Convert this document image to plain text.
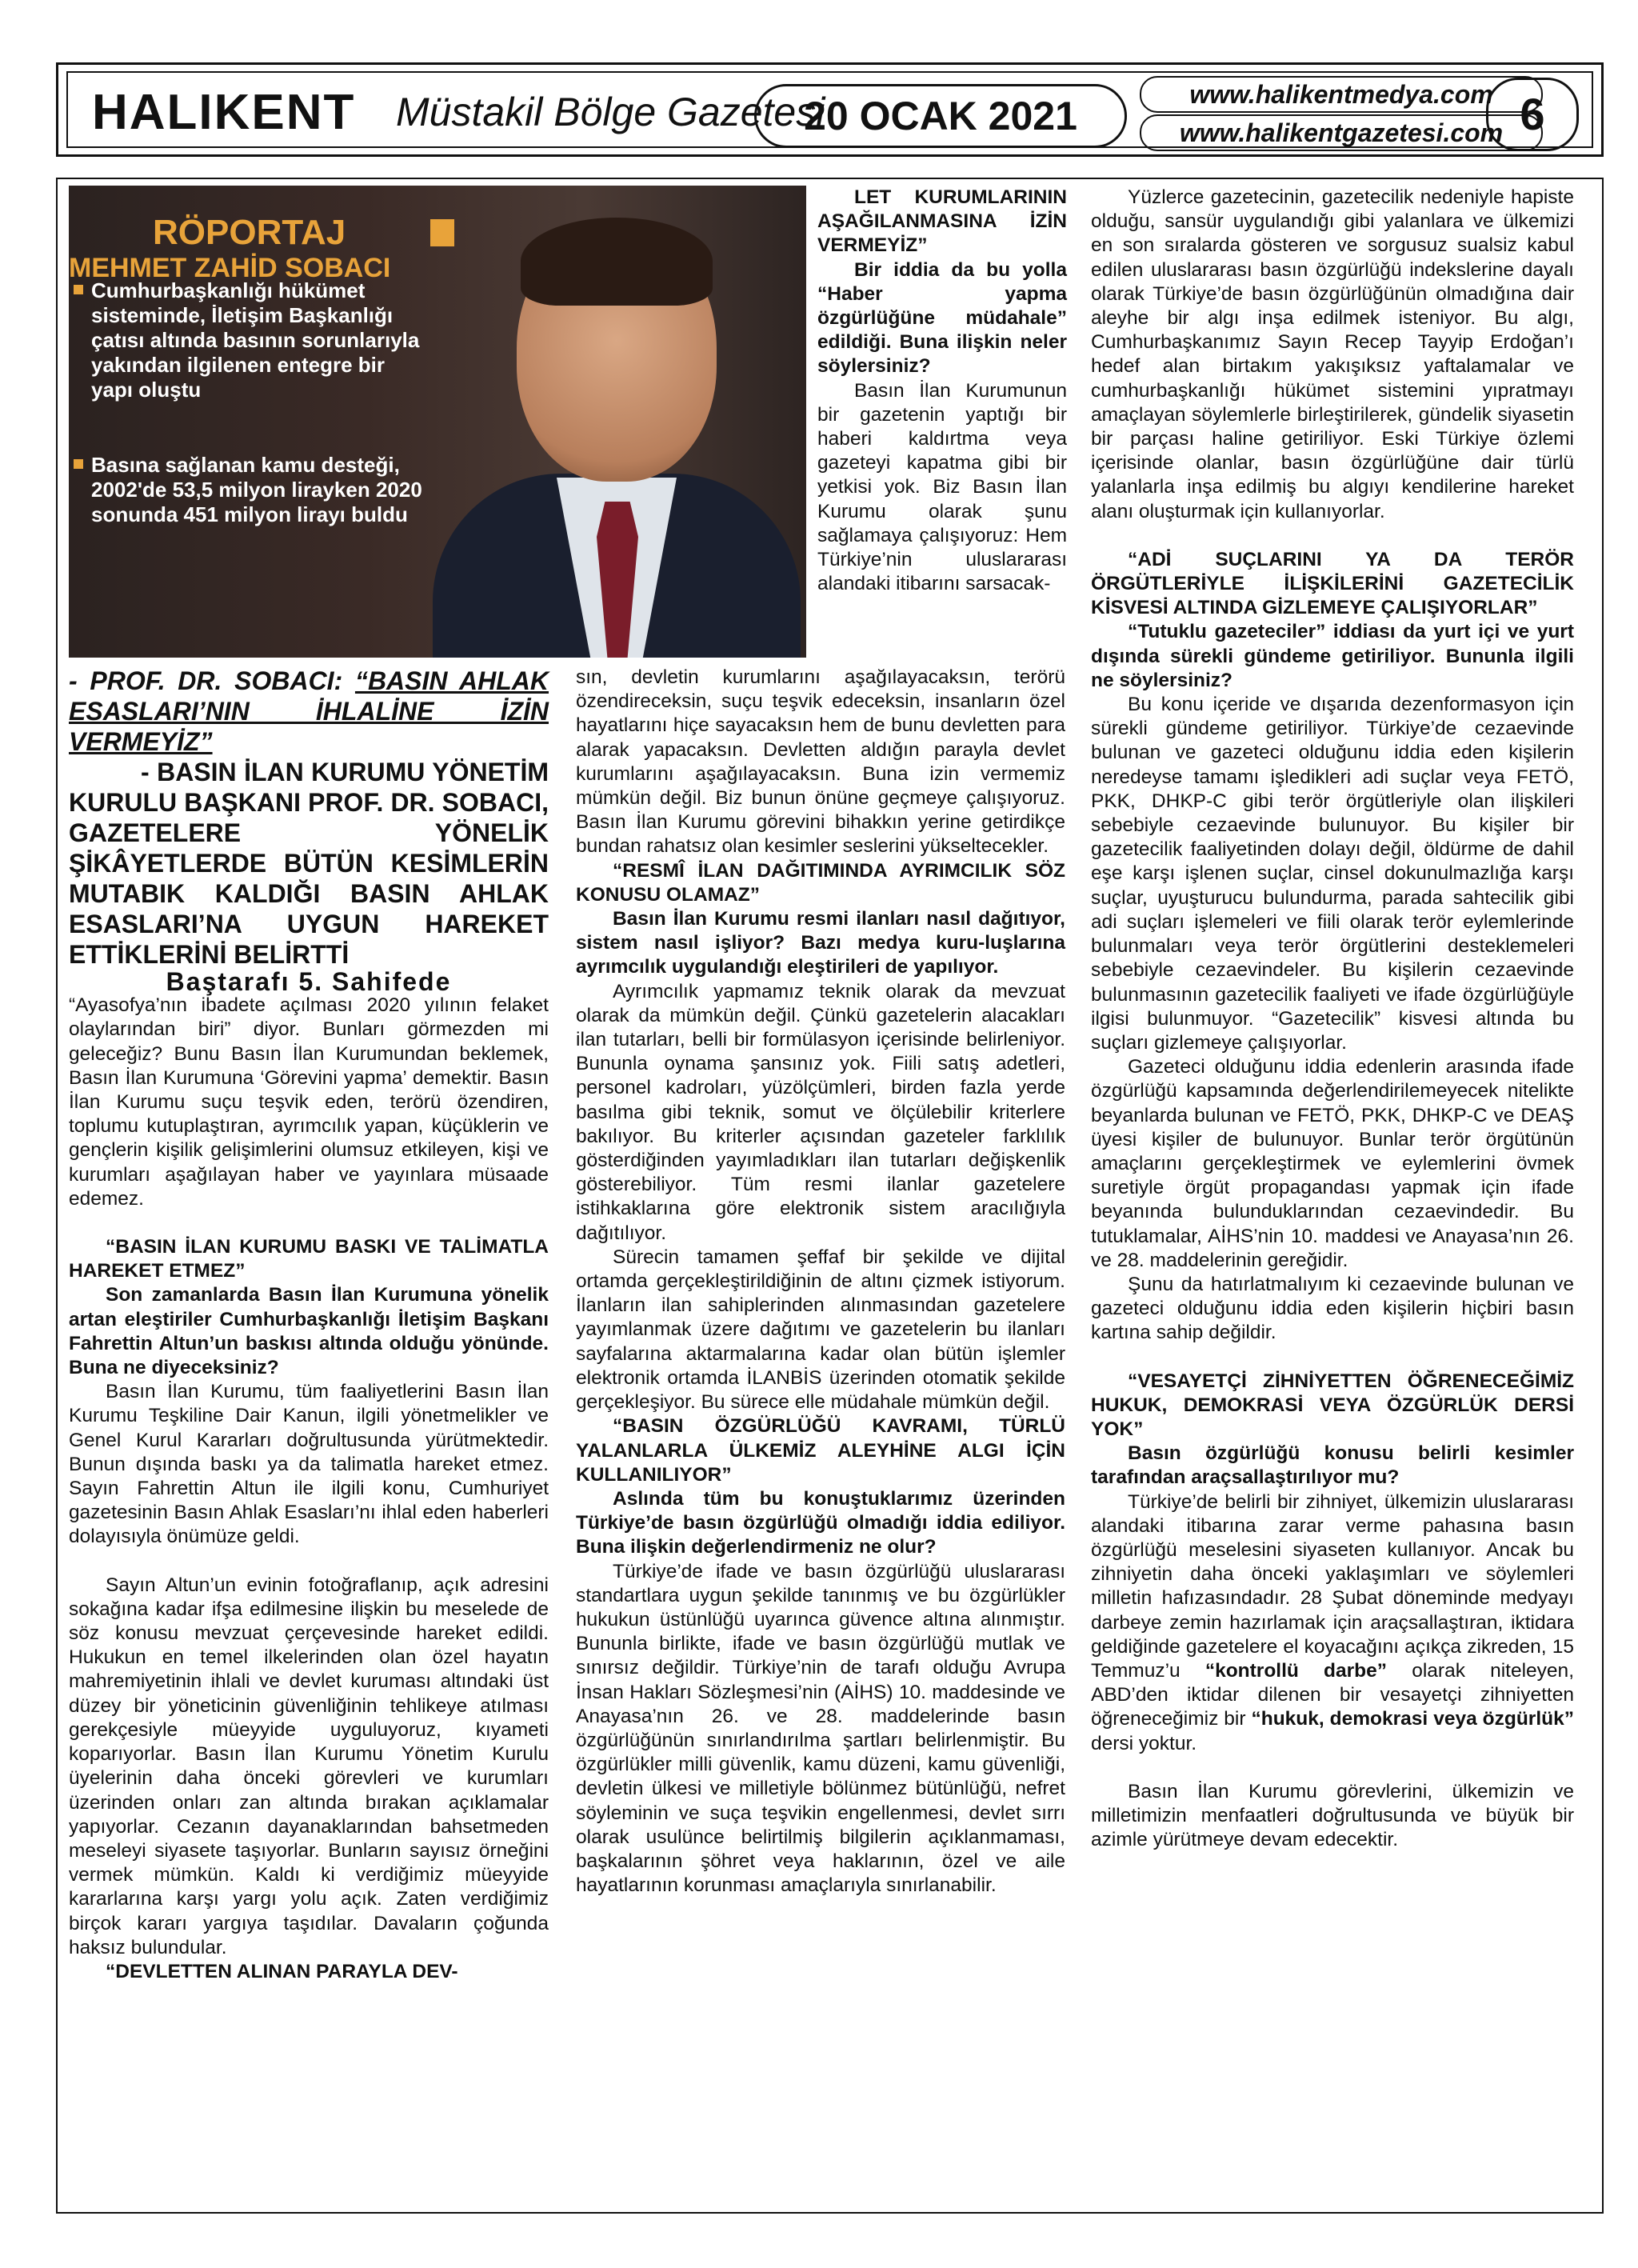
HALIKENT Müstakil Bölge Gazetesi
20 OCAK 2021	www.halikentmedya.com
www.halikentgazetesi.com 6
RÖPORTAJ
MEHMET ZAHİD SOBACI
Cumhurbaşkanlığı hükümet sisteminde, İletişim Başkanlığı çatısı altında basının sorunlarıyla yakından ilgilenen entegre bir yapı oluştu
Basına sağlanan kamu desteği, 2002'de 53,5 milyon lirayken 2020 sonunda 451 milyon lirayı buldu

- PROF. DR. SOBACI: “BASIN AHLAK ESASLARI’NIN İHLALİNE İZİN VERMEYİZ”

- BASIN İLAN KURUMU YÖNETİM KURULU BAŞKANI PROF. DR. SOBACI, GAZETELERE YÖNELİK ŞİKÂYETLERDE BÜTÜN KESİMLERİN MUTABIK KALDIĞI BASIN AHLAK ESASLARI’NA UYGUN HAREKET ETTİKLERİNİ BELİRTTİ

Baştarafı 5. Sahifede

“Ayasofya’nın ibadete açılması 2020 yılının felaket olaylarından biri” diyor. Bunları görmezden mi geleceğiz? Bunu Basın İlan Kurumundan beklemek, Basın İlan Kurumuna ‘Görevini yapma’ demektir. Basın İlan Kurumu suçu teşvik eden, terörü özendiren, toplumu kutuplaştıran, ayrımcılık yapan, küçüklerin ve gençlerin kişilik gelişimlerini olumsuz etkileyen, kişi ve kurumları aşağılayan haber ve yayınlara müsaade edemez.

“BASIN İLAN KURUMU BASKI VE TALİMATLA HAREKET ETMEZ”

Son zamanlarda Basın İlan Kurumuna yönelik artan eleştiriler Cumhurbaşkanlığı İletişim Başkanı Fahrettin Altun’un baskısı altında olduğu yönünde. Buna ne diyeceksiniz?

Basın İlan Kurumu, tüm faaliyetlerini Basın İlan Kurumu Teşkiline Dair Kanun, ilgili yönetmelikler ve Genel Kurul Kararları doğrultusunda yürütmektedir. Bunun dışında baskı ya da talimatla hareket etmez. Sayın Fahrettin Altun ile ilgili konu, Cumhuriyet gazetesinin Basın Ahlak Esasları’nı ihlal eden haberleri dolayısıyla önümüze geldi.

Sayın Altun’un evinin fotoğraflanıp, açık adresini sokağına kadar ifşa edilmesine ilişkin bu meselede de söz konusu mevzuat çerçevesinde hareket edildi. Hukukun en temel ilkelerinden olan özel hayatın mahremiyetinin ihlali ve devlet kuruması altındaki üst düzey bir yöneticinin güvenliğinin tehlikeye atılması gerekçesiyle müeyyide uyguluyoruz, kıyameti koparıyorlar. Basın İlan Kurumu Yönetim Kurulu üyelerinin daha önceki görevleri ve kurumları üzerinden onları zan altında bırakan açıklamalar yapıyorlar. Cezanın dayanaklarından bahsetmeden meseleyi siyasete taşıyorlar. Bunların sayısız örneğini vermek mümkün. Kaldı ki verdiğimiz müeyyide kararlarına karşı yargı yolu açık. Zaten verdiğimiz birçok kararı yargıya taşıdılar. Davaların çoğunda haksız bulundular.

“DEVLETTEN ALINAN PARAYLA DEV-

LET KURUMLARININ AŞAĞILANMASINA İZİN VERMEYİZ”

Bir iddia da bu yolla “Haber yapma özgürlüğüne müdahale” edildiği. Buna ilişkin neler söylersiniz?

Basın İlan Kurumunun bir gazetenin yaptığı bir haberi kaldırtma veya gazeteyi kapatma gibi bir yetkisi yok. Biz Basın İlan Kurumu olarak şunu sağlamaya çalışıyoruz: Hem Türkiye’nin uluslararası alandaki itibarını sarsacak-

sın, devletin kurumlarını aşağılayacaksın, terörü özendireceksin, suçu teşvik edeceksin, insanların özel hayatlarını hiçe sayacaksın hem de bunu devletten para alarak yapacaksın. Devletten aldığın parayla devlet kurumlarını aşağılayacaksın. Buna izin vermemiz mümkün değil. Biz bunun önüne geçmeye çalışıyoruz. Basın İlan Kurumu görevini bihakkın yerine getirdikçe bundan rahatsız olan kesimler seslerini yükseltecekler.

“RESMÎ İLAN DAĞITIMINDA AYRIMCILIK SÖZ KONUSU OLAMAZ”

Basın İlan Kurumu resmi ilanları nasıl dağıtıyor, sistem nasıl işliyor? Bazı medya kuru-luşlarına ayrımcılık uygulandığı eleştirileri de yapılıyor.

Ayrımcılık yapmamız teknik olarak da mevzuat olarak da mümkün değil. Çünkü gazetelerin alacakları ilan tutarları, belli bir formülasyon içerisinde belirleniyor. Bununla oynama şansınız yok. Fiili satış adetleri, personel kadroları, yüzölçümleri, birden fazla yerde basılma gibi teknik, somut ve ölçülebilir kriterlere bakılıyor. Bu kriterler açısından gazeteler farklılık gösterdiğinden yayımladıkları ilan tutarları değişkenlik gösterebiliyor. Tüm resmi ilanlar gazetelere istihkaklarına göre elektronik sistem aracılığıyla dağıtılıyor.

Sürecin tamamen şeffaf bir şekilde ve dijital ortamda gerçekleştirildiğinin de altını çizmek istiyorum. İlanların ilan sahiplerinden alınmasından gazetelere yayımlanmak üzere dağıtımı ve gazetelerin bu ilanları sayfalarına aktarmalarına kadar olan bütün işlemler elektronik ortamda İLANBİS üzerinden otomatik şekilde gerçekleşiyor. Bu sürece elle müdahale mümkün değil.

“BASIN ÖZGÜRLÜĞÜ KAVRAMI, TÜRLÜ YALANLARLA ÜLKEMİZ ALEYHİNE ALGI İÇİN KULLANILIYOR”

Aslında tüm bu konuştuklarımız üzerinden Türkiye’de basın özgürlüğü olmadığı iddia ediliyor. Buna ilişkin değerlendirmeniz ne olur?

Türkiye’de ifade ve basın özgürlüğü uluslararası standartlara uygun şekilde tanınmış ve bu özgürlükler hukukun üstünlüğü uyarınca güvence altına alınmıştır. Bununla birlikte, ifade ve basın özgürlüğü mutlak ve sınırsız değildir. Türkiye’nin de tarafı olduğu Avrupa İnsan Hakları Sözleşmesi’nin (AİHS) 10. maddesinde ve Anayasa’nın 26. ve 28. maddelerinde basın özgürlüğünün sınırlandırılma şartları belirlenmiştir. Bu özgürlükler milli güvenlik, kamu düzeni, kamu güvenliği, devletin ülkesi ve milletiyle bölünmez bütünlüğü, nefret söyleminin ve suça teşvikin engellenmesi, devlet sırrı olarak usulünce belirtilmiş bilgilerin açıklanmaması, başkalarının şöhret veya haklarının, özel ve aile hayatlarının korunması amaçlarıyla sınırlanabilir.

Yüzlerce gazetecinin, gazetecilik nedeniyle hapiste olduğu, sansür uygulandığı gibi yalanlara ve ülkemizi en son sıralarda gösteren ve sorgusuz sualsiz kabul edilen uluslararası basın özgürlüğü indekslerine dayalı olarak Türkiye’de basın özgürlüğünün olmadığına dair aleyhe bir algı inşa edilmek isteniyor. Bu algı, Cumhurbaşkanımız Sayın Recep Tayyip Erdoğan’ı hedef alan birtakım yakışıksız yaftalamalar ve cumhurbaşkanlığı hükümet sistemini yıpratmayı amaçlayan söylemlerle birleştirilerek, gündelik siyasetin bir parçası haline getiriliyor. Eski Türkiye özlemi içerisinde olanlar, basın özgürlüğüne dair türlü yalanlarla inşa edilmiş bu algıyı kendilerine hareket alanı oluşturmak için kullanıyorlar.

“ADİ SUÇLARINI YA DA TERÖR ÖRGÜTLERİYLE İLİŞKİLERİNİ GAZETECİLİK KİSVESİ ALTINDA GİZLEMEYE ÇALIŞIYORLAR”

“Tutuklu gazeteciler” iddiası da yurt içi ve yurt dışında sürekli gündeme getiriliyor. Bununla ilgili ne söylersiniz?

Bu konu içeride ve dışarıda dezenformasyon için sürekli gündeme getiriliyor. Türkiye’de cezaevinde bulunan ve gazeteci olduğunu iddia eden kişilerin neredeyse tamamı işledikleri adi suçlar veya FETÖ, PKK, DHKP-C gibi terör örgütleriyle olan ilişkileri sebebiyle cezaevinde bulunuyor. Bu kişiler bir gazetecilik faaliyetinden dolayı değil, öldürme de dahil eşe karşı işlenen suçlar, cinsel dokunulmazlığa karşı suçlar, uyuşturucu bulundurma, parada sahtecilik gibi adi suçları işlemeleri ve fiili olarak terör eylemlerinde bulunmaları veya terör örgütlerini desteklemeleri sebebiyle cezaevindeler. Bu kişilerin cezaevinde bulunmasının gazetecilik faaliyeti ve ifade özgürlüğüyle ilgisi bulunmuyor. “Gazetecilik” kisvesi altında bu suçları gizlemeye çalışıyorlar.

Gazeteci olduğunu iddia edenlerin arasında ifade özgürlüğü kapsamında değerlendirilemeyecek nitelikte beyanlarda bulunan ve FETÖ, PKK, DHKP-C ve DEAŞ üyesi kişiler de bulunuyor. Bunlar terör örgütünün amaçlarını gerçekleştirmek ve eylemlerini övmek suretiyle örgüt propagandası yapmak için ifade beyanında bulunduklarından cezaevindedir. Bu tutuklamalar, AİHS’nin 10. maddesi ve Anayasa’nın 26. ve 28. maddelerinin gereğidir.

Şunu da hatırlatmalıyım ki cezaevinde bulunan ve gazeteci olduğunu iddia eden kişilerin hiçbiri basın kartına sahip değildir.

“VESAYETÇİ ZİHNİYETTEN ÖĞRENECEĞİMİZ HUKUK, DEMOKRASİ VEYA ÖZGÜRLÜK DERSİ YOK”

Basın özgürlüğü konusu belirli kesimler tarafından araçsallaştırılıyor mu?

Türkiye’de belirli bir zihniyet, ülkemizin uluslararası alandaki itibarına zarar verme pahasına basın özgürlüğü meselesini siyaseten kullanıyor. Ancak bu zihniyetin daha önceki yaklaşımları ve söylemleri milletin hafızasındadır. 28 Şubat döneminde medyayı darbeye zemin hazırlamak için araçsallaştıran, iktidara geldiğinde gazetelere el koyacağını açıkça zikreden, 15 Temmuz’u “kontrollü darbe” olarak niteleyen, ABD’den iktidar dilenen bir vesayetçi zihniyetten öğreneceğimiz bir “hukuk, demokrasi veya özgürlük” dersi yoktur.

Basın İlan Kurumu görevlerini, ülkemizin ve milletimizin menfaatleri doğrultusunda ve büyük bir azimle yürütmeye devam edecektir.
